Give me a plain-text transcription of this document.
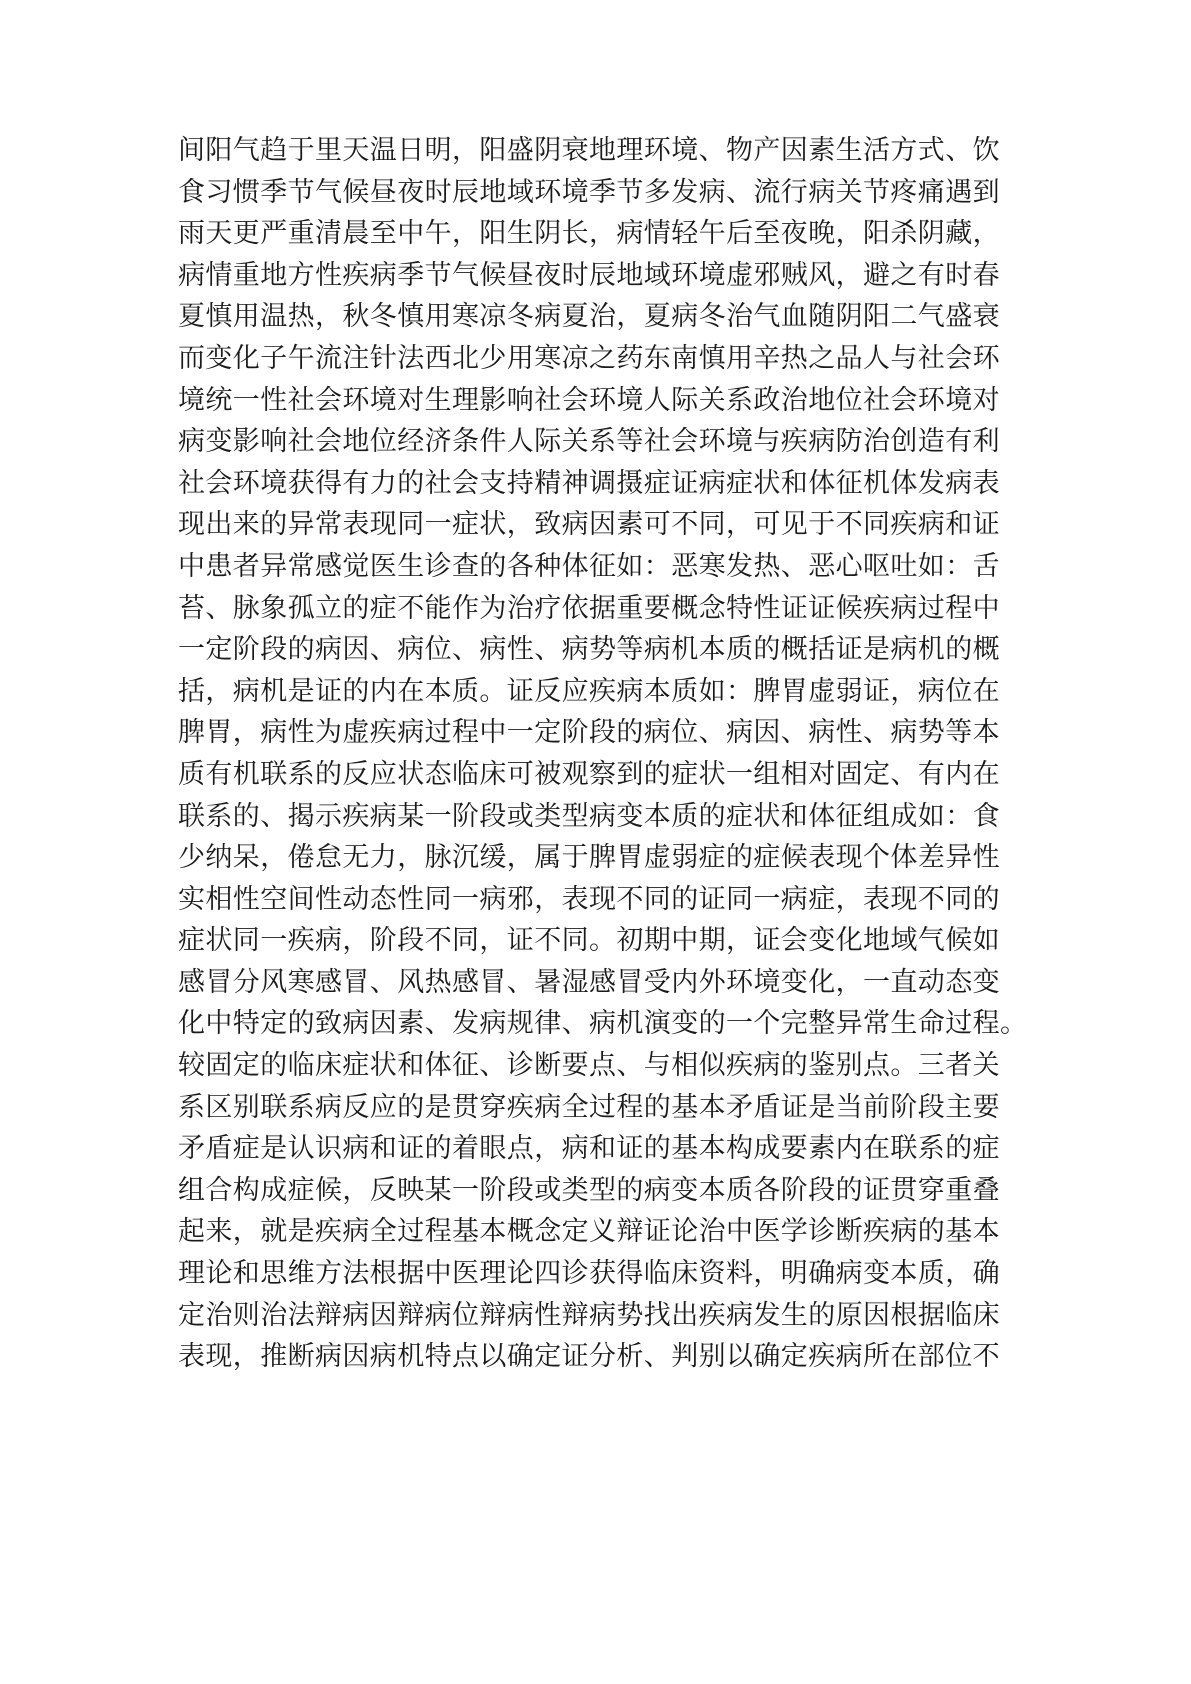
间阳气趋于里天温日明，阳盛阴衰地理环境、物产因素生活方式、饮
食习惯季节气候昼夜时辰地域环境季节多发病、流行病关节疼痛遇到
雨天更严重清晨至中午，阳生阴长，病情轻午后至夜晚，阳杀阴藏，
病情重地方性疾病季节气候昼夜时辰地域环境虚邪贼风，避之有时春
夏慎用温热，秋冬慎用寒凉冬病夏治，夏病冬治气血随阴阳二气盛衰
而变化子午流注针法西北少用寒凉之药东南慎用辛热之品人与社会环
境统一性社会环境对生理影响社会环境人际关系政治地位社会环境对
病变影响社会地位经济条件人际关系等社会环境与疾病防治创造有利
社会环境获得有力的社会支持精神调摄症证病症状和体征机体发病表
现出来的异常表现同一症状，致病因素可不同，可见于不同疾病和证
中患者异常感觉医生诊查的各种体征如：恶寒发热、恶心呕吐如：舌
苔、脉象孤立的症不能作为治疗依据重要概念特性证证候疾病过程中
一定阶段的病因、病位、病性、病势等病机本质的概括证是病机的概
括，病机是证的内在本质。证反应疾病本质如：脾胃虚弱证，病位在
脾胃，病性为虚疾病过程中一定阶段的病位、病因、病性、病势等本
质有机联系的反应状态临床可被观察到的症状一组相对固定、有内在
联系的、揭示疾病某一阶段或类型病变本质的症状和体征组成如：食
少纳呆，倦怠无力，脉沉缓，属于脾胃虚弱症的症候表现个体差异性
实相性空间性动态性同一病邪，表现不同的证同一病症，表现不同的
症状同一疾病，阶段不同，证不同。初期中期，证会变化地域气候如
感冒分风寒感冒、风热感冒、暑湿感冒受内外环境变化，一直动态变
化中特定的致病因素、发病规律、病机演变的一个完整异常生命过程。
较固定的临床症状和体征、诊断要点、与相似疾病的鉴别点。三者关
系区别联系病反应的是贯穿疾病全过程的基本矛盾证是当前阶段主要
矛盾症是认识病和证的着眼点，病和证的基本构成要素内在联系的症
组合构成症候，反映某一阶段或类型的病变本质各阶段的证贯穿重叠
起来，就是疾病全过程基本概念定义辩证论治中医学诊断疾病的基本
理论和思维方法根据中医理论四诊获得临床资料，明确病变本质，确
定治则治法辩病因辩病位辩病性辩病势找出疾病发生的原因根据临床
表现，推断病因病机特点以确定证分析、判别以确定疾病所在部位不
